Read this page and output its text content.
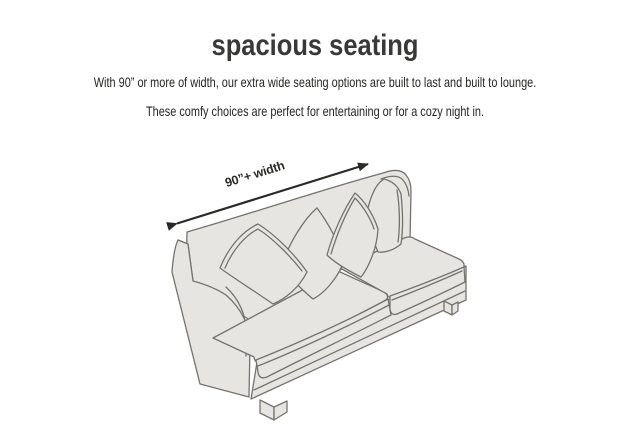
spacious seating

With 90” or more of width, our extra wide seating options are built to last and built to lounge.

These comfy choices are perfect for entertaining or for a cozy night in.

90”+ width
